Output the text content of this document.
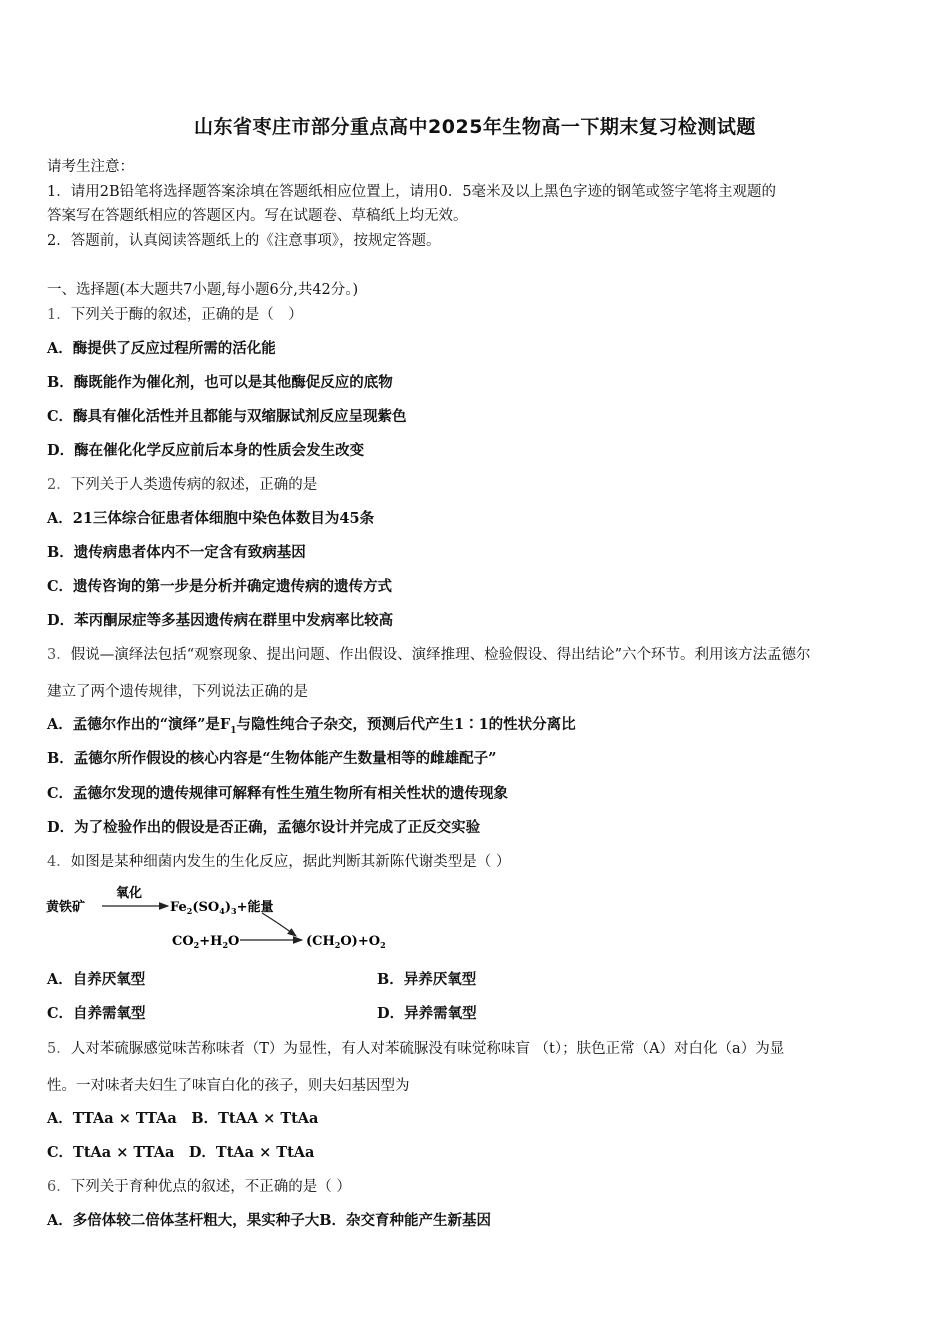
山东省枣庄市部分重点高中2025年生物高一下期末复习检测试题
请考生注意：
1．请用2B铅笔将选择题答案涂填在答题纸相应位置上，请用0．5毫米及以上黑色字迹的钢笔或签字笔将主观题的
答案写在答题纸相应的答题区内。写在试题卷、草稿纸上均无效。
2．答题前，认真阅读答题纸上的《注意事项》，按规定答题。
一、选择题(本大题共7小题,每小题6分,共42分。)
1．下列关于酶的叙述，正确的是（　）
A．酶提供了反应过程所需的活化能
B．酶既能作为催化剂，也可以是其他酶促反应的底物
C．酶具有催化活性并且都能与双缩脲试剂反应呈现紫色
D．酶在催化化学反应前后本身的性质会发生改变
2．下列关于人类遗传病的叙述，正确的是
A．21三体综合征患者体细胞中染色体数目为45条
B．遗传病患者体内不一定含有致病基因
C．遗传咨询的第一步是分析并确定遗传病的遗传方式
D．苯丙酮尿症等多基因遗传病在群里中发病率比较高
3．假说—演绎法包括“观察现象、提出问题、作出假设、演绎推理、检验假设、得出结论”六个环节。利用该方法孟德尔
建立了两个遗传规律，下列说法正确的是
A．孟德尔作出的“演绎”是$F_1$与隐性纯合子杂交，预测后代产生1∶1的性状分离比
B．孟德尔所作假设的核心内容是“生物体能产生数量相等的雌雄配子”
C．孟德尔发现的遗传规律可解释有性生殖生物所有相关性状的遗传现象
D．为了检验作出的假设是否正确，孟德尔设计并完成了正反交实验
4．如图是某种细菌内发生的生化反应，据此判断其新陈代谢类型是（ ）
黄铁矿
氧化
$Fe_2(SO_4)_3+$能量
$CO_2+H_2O$	$(CH_2O)+O_2$
A．自养厌氧型	B．异养厌氧型
C．自养需氧型	D．异养需氧型
5．人对苯硫脲感觉味苦称味者（T）为显性，有人对苯硫脲没有味觉称味盲 （t）；肤色正常（A）对白化（a）为显
性。一对味者夫妇生了味盲白化的孩子，则夫妇基因型为
A．TTAa × TTAa　B．TtAA × TtAa
C．TtAa × TTAa　D．TtAa × TtAa
6．下列关于育种优点的叙述，不正确的是（ ）
A．多倍体较二倍体茎杆粗大，果实种子大B．杂交育种能产生新基因
